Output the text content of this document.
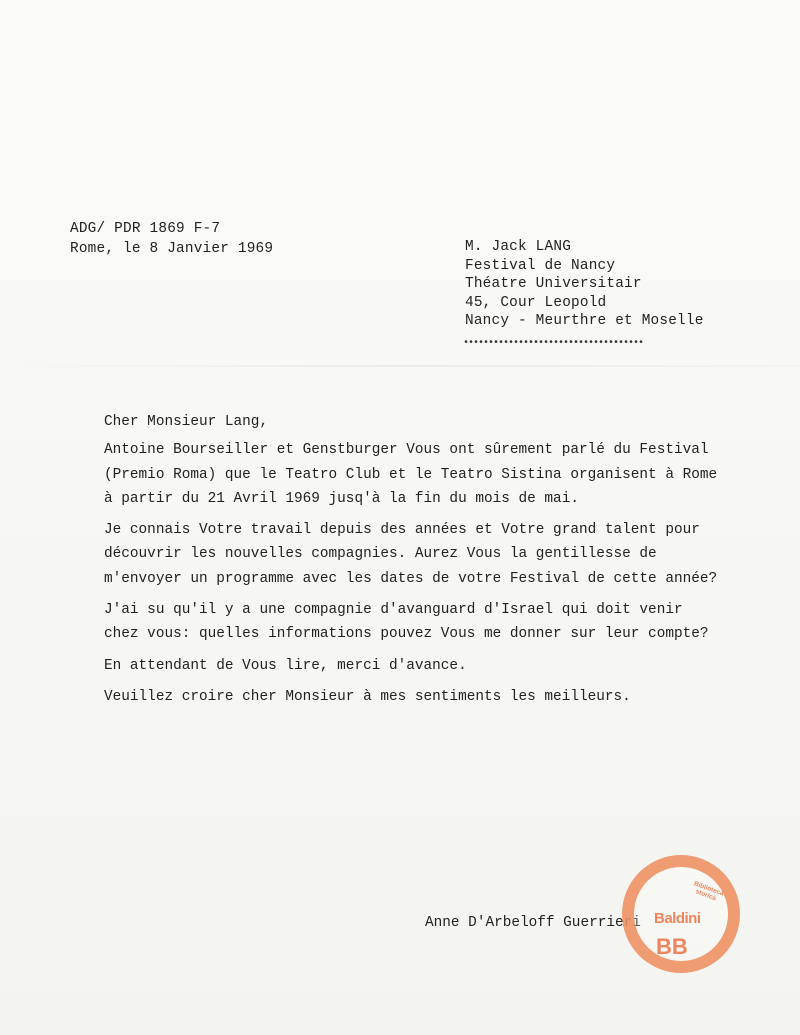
ADG/ PDR 1869 F-7
Rome, le 8 Janvier 1969	M. Jack LANG
Festival de Nancy
Théatre Universitair
45, Cour Leopold
Nancy - Meurthre et Moselle
••••••••••••••••••••••••••••••••••••

Cher Monsieur Lang,

Antoine Bourseiller et Genstburger Vous ont sûrement parlé du Festival (Premio Roma) que le Teatro Club et le Teatro Sistina organisent à Rome à partir du 21 Avril 1969 jusq'à la fin du mois de mai.

Je connais Votre travail depuis des années et Votre grand talent pour découvrir les nouvelles compagnies. Aurez Vous la gentillesse de m'envoyer un programme avec les dates de votre Festival de cette année?

J'ai su qu'il y a une compagnie d'avanguard d'Israel qui doit venir chez vous: quelles informations pouvez Vous me donner sur leur compte?

En attendant de Vous lire, merci d'avance.

Veuillez croire cher Monsieur à mes sentiments les meilleurs.

Anne D'Arbeloff Guerrieri
Biblioteca storica
Baldini
BB
